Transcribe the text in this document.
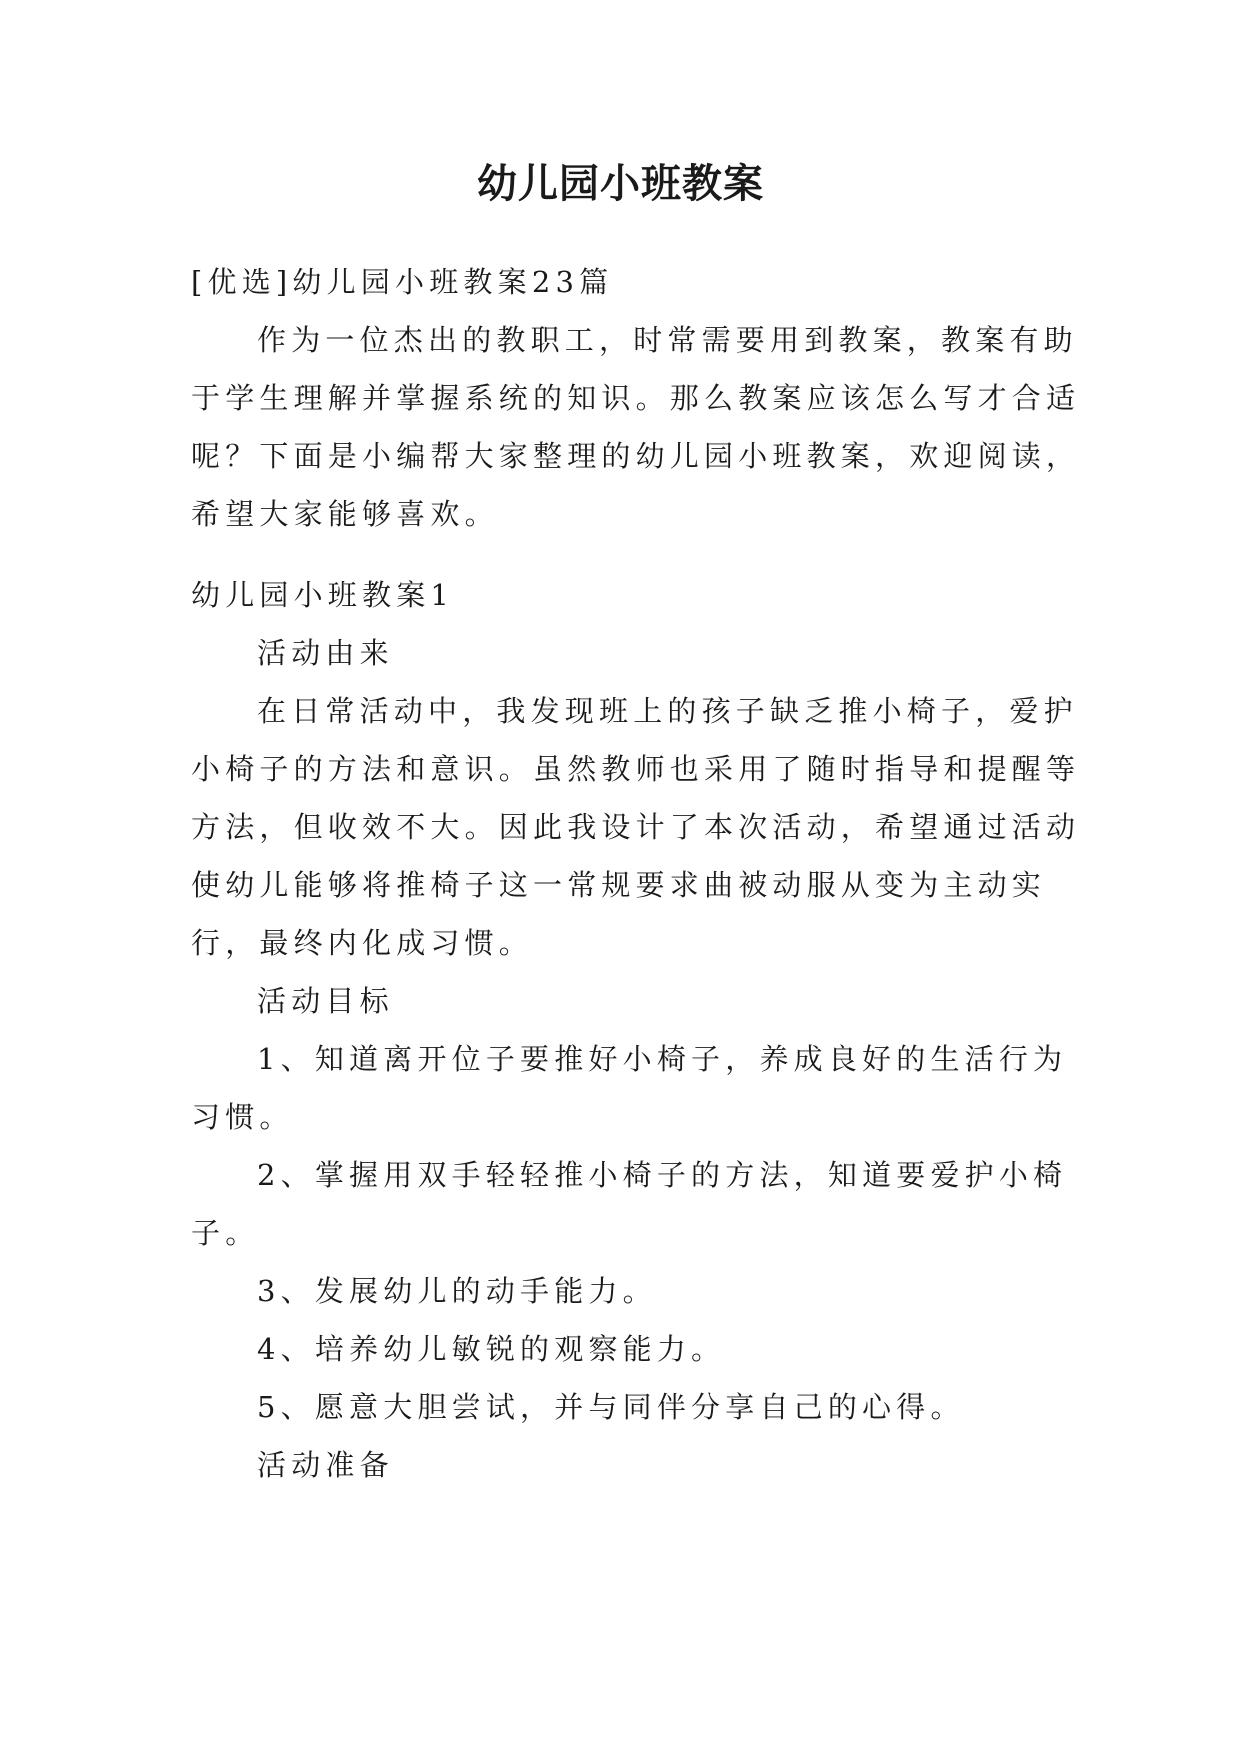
幼儿园小班教案
[优选]幼儿园小班教案23篇
作为一位杰出的教职工，时常需要用到教案，教案有助
于学生理解并掌握系统的知识。那么教案应该怎么写才合适
呢？下面是小编帮大家整理的幼儿园小班教案，欢迎阅读，
希望大家能够喜欢。
幼儿园小班教案1
活动由来
在日常活动中，我发现班上的孩子缺乏推小椅子，爱护
小椅子的方法和意识。虽然教师也采用了随时指导和提醒等
方法，但收效不大。因此我设计了本次活动，希望通过活动
使幼儿能够将推椅子这一常规要求曲被动服从变为主动实
行，最终内化成习惯。
活动目标
1、知道离开位子要推好小椅子，养成良好的生活行为
习惯。
2、掌握用双手轻轻推小椅子的方法，知道要爱护小椅
子。
3、发展幼儿的动手能力。
4、培养幼儿敏锐的观察能力。
5、愿意大胆尝试，并与同伴分享自己的心得。
活动准备
